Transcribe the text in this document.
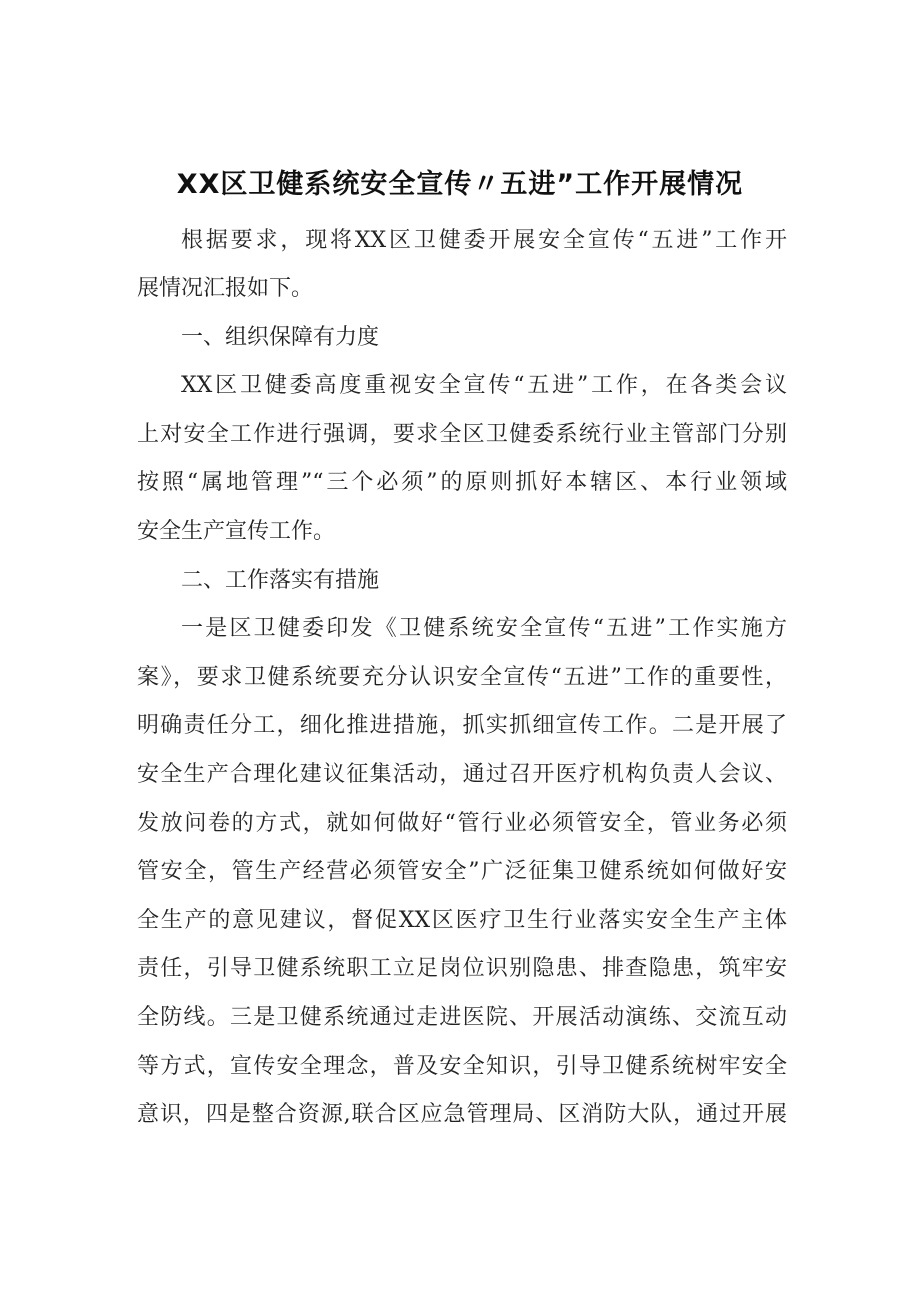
XX区卫健系统安全宣传〃五进”工作开展情况
根据要求，现将XX区卫健委开展安全宣传“五进”工作开
展情况汇报如下。
一、组织保障有力度
XX区卫健委高度重视安全宣传“五进”工作，在各类会议
上对安全工作进行强调，要求全区卫健委系统行业主管部门分别
按照“属地管理”“三个必须”的原则抓好本辖区、本行业领域
安全生产宣传工作。
二、工作落实有措施
一是区卫健委印发《卫健系统安全宣传“五进”工作实施方
案》，要求卫健系统要充分认识安全宣传“五进”工作的重要性，
明确责任分工，细化推进措施，抓实抓细宣传工作。二是开展了
安全生产合理化建议征集活动，通过召开医疗机构负责人会议、
发放问卷的方式，就如何做好“管行业必须管安全，管业务必须
管安全，管生产经营必须管安全”广泛征集卫健系统如何做好安
全生产的意见建议，督促XX区医疗卫生行业落实安全生产主体
责任，引导卫健系统职工立足岗位识别隐患、排查隐患，筑牢安
全防线。三是卫健系统通过走进医院、开展活动演练、交流互动
等方式，宣传安全理念，普及安全知识，引导卫健系统树牢安全
意识，四是整合资源,联合区应急管理局、区消防大队，通过开展
